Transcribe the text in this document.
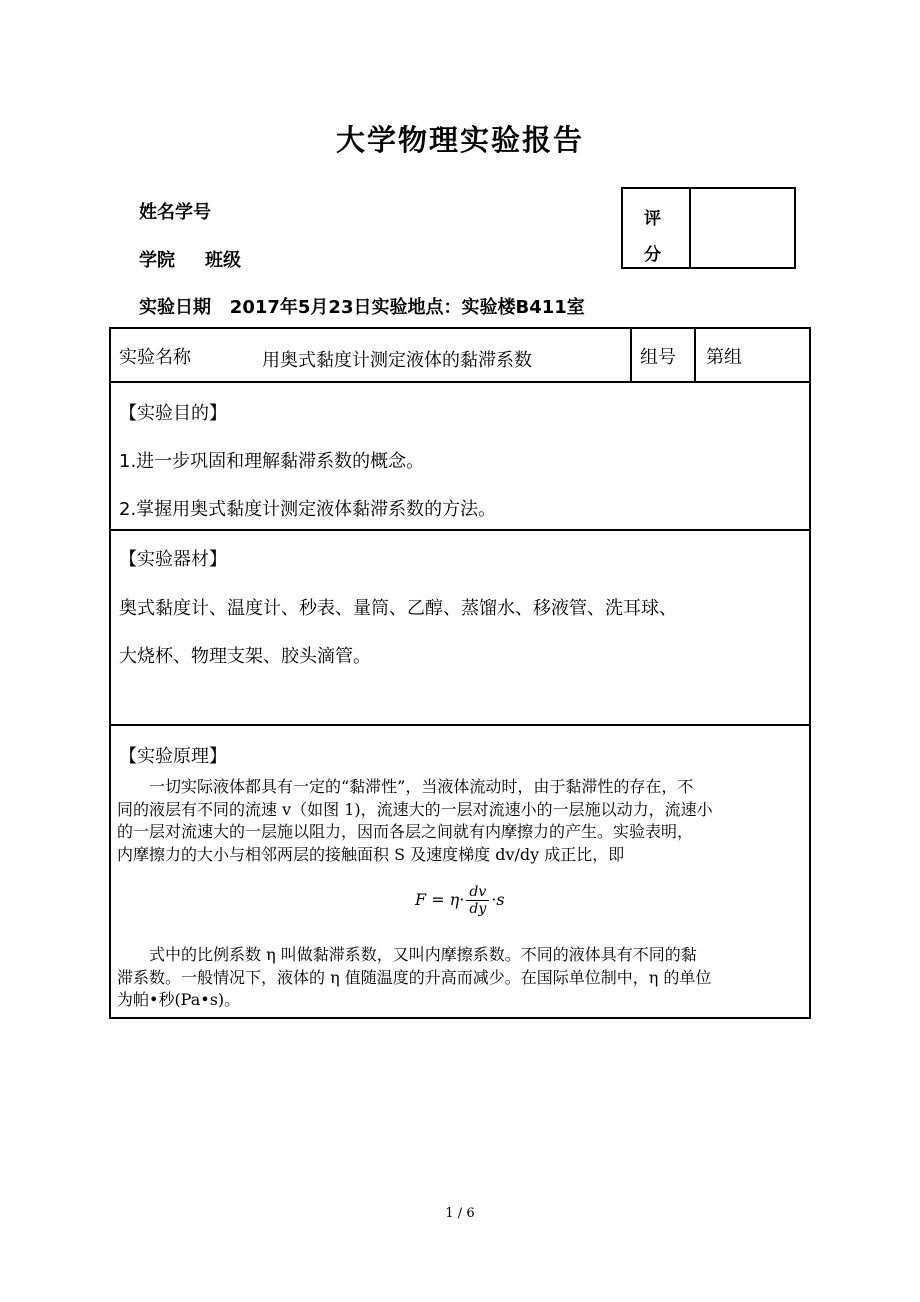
大学物理实验报告
姓名学号
学院 班级
实验日期   2017年5月23日实验地点：实验楼B411室
评
分
实验名称	用奥式黏度计测定液体的黏滞系数	组号 第组
【实验目的】
1.进一步巩固和理解黏滞系数的概念。
2.掌握用奥式黏度计测定液体黏滞系数的方法。
【实验器材】
奥式黏度计、温度计、秒表、量筒、乙醇、蒸馏水、移液管、洗耳球、
大烧杯、物理支架、胶头滴管。
【实验原理】
　　一切实际液体都具有一定的“黏滞性”，当液体流动时，由于黏滞性的存在，不
同的液层有不同的流速 v（如图 1)，流速大的一层对流速小的一层施以动力，流速小
的一层对流速大的一层施以阻力，因而各层之间就有内摩擦力的产生。实验表明，
内摩擦力的大小与相邻两层的接触面积 S 及速度梯度 dv/dy 成正比，即
$F = \eta\cdot \frac{dv}{dy} \cdot s$
　　式中的比例系数 η 叫做黏滞系数，又叫内摩擦系数。不同的液体具有不同的黏
滞系数。一般情况下，液体的 η 值随温度的升高而减少。在国际单位制中，η 的单位
为帕•秒(Pa•s)。
1 / 6
